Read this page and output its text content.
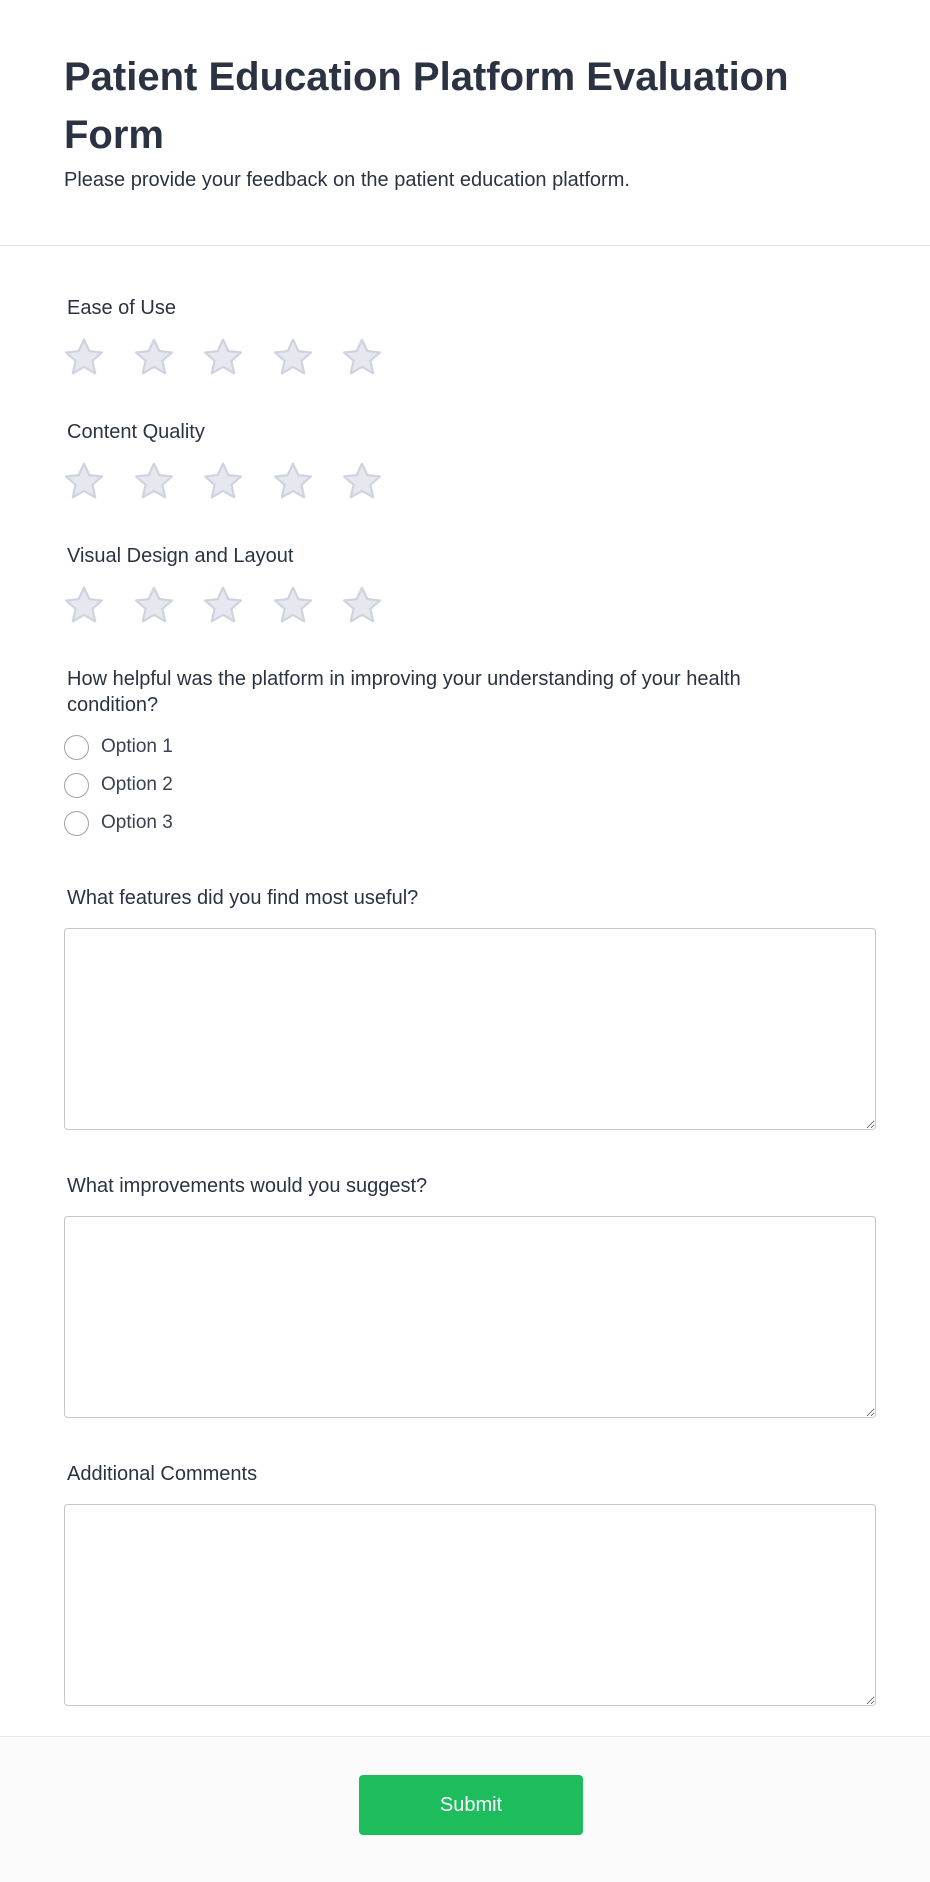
Patient Education Platform Evaluation Form

Please provide your feedback on the patient education platform.

Ease of Use
Content Quality
Visual Design and Layout
How helpful was the platform in improving your understanding of your health condition?
Option 1
Option 2
Option 3
What features did you find most useful?
What improvements would you suggest?
Additional Comments
Submit
